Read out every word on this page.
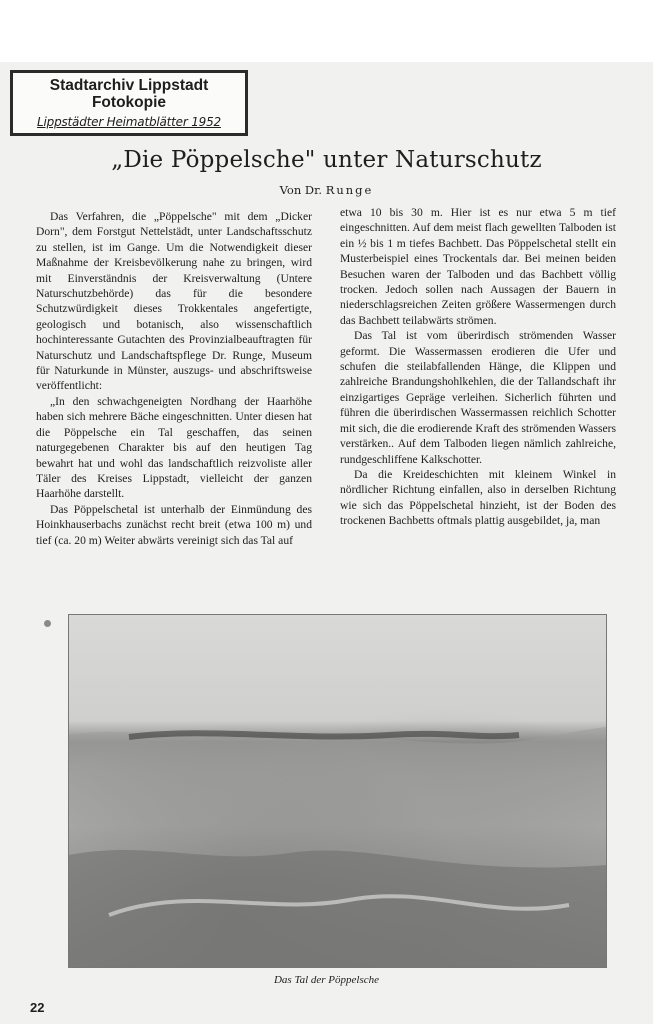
Stadtarchiv Lippstadt
Fotokopie
Lippstädter Heimatblätter 1952
„Die Pöppelsche" unter Naturschutz
Von Dr. Runge

Das Verfahren, die „Pöppelsche" mit dem „Dicker Dorn", dem Forstgut Nettelstädt, unter Landschaftsschutz zu stellen, ist im Gange. Um die Notwendigkeit dieser Maßnahme der Kreisbevölkerung nahe zu bringen, wird mit Einverständnis der Kreisverwaltung (Untere Naturschutzbehörde) das für die besondere Schutzwürdigkeit dieses Trokkentales angefertigte, geologisch und botanisch, also wissenschaftlich hochinteressante Gutachten des Provinzialbeauftragten für Naturschutz und Landschaftspflege Dr. Runge, Museum für Naturkunde in Münster, auszugs- und abschriftsweise veröffentlicht:

„In den schwachgeneigten Nordhang der Haarhöhe haben sich mehrere Bäche eingeschnitten. Unter diesen hat die Pöppelsche ein Tal geschaffen, das seinen naturgegebenen Charakter bis auf den heutigen Tag bewahrt hat und wohl das landschaftlich reizvoliste aller Täler des Kreises Lippstadt, vielleicht der ganzen Haarhöhe darstellt.

Das Pöppelschetal ist unterhalb der Einmündung des Hoinkhauserbachs zunächst recht breit (etwa 100 m) und tief (ca. 20 m) Weiter abwärts vereinigt sich das Tal auf

etwa 10 bis 30 m. Hier ist es nur etwa 5 m tief eingeschnitten. Auf dem meist flach gewellten Talboden ist ein ½ bis 1 m tiefes Bachbett. Das Pöppelschetal stellt ein Musterbeispiel eines Trockentals dar. Bei meinen beiden Besuchen waren der Talboden und das Bachbett völlig trocken. Jedoch sollen nach Aussagen der Bauern in niederschlagsreichen Zeiten größere Wassermengen durch das Bachbett teilabwärts strömen.

Das Tal ist vom überirdisch strömenden Wasser geformt. Die Wassermassen erodieren die Ufer und schufen die steilabfallenden Hänge, die Klippen und zahlreiche Brandungshohlkehlen, die der Tallandschaft ihr einzigartiges Gepräge verleihen. Sicherlich führten und führen die überirdischen Wassermassen reichlich Schotter mit sich, die die erodierende Kraft des strömenden Wassers verstärken.. Auf dem Talboden liegen nämlich zahlreiche, rundgeschliffene Kalkschotter.

Da die Kreideschichten mit kleinem Winkel in nördlicher Richtung einfallen, also in derselben Richtung wie sich das Pöppelschetal hinzieht, ist der Boden des trockenen Bachbetts oftmals plattig ausgebildet, ja, man

Das Tal der Pöppelsche
22
